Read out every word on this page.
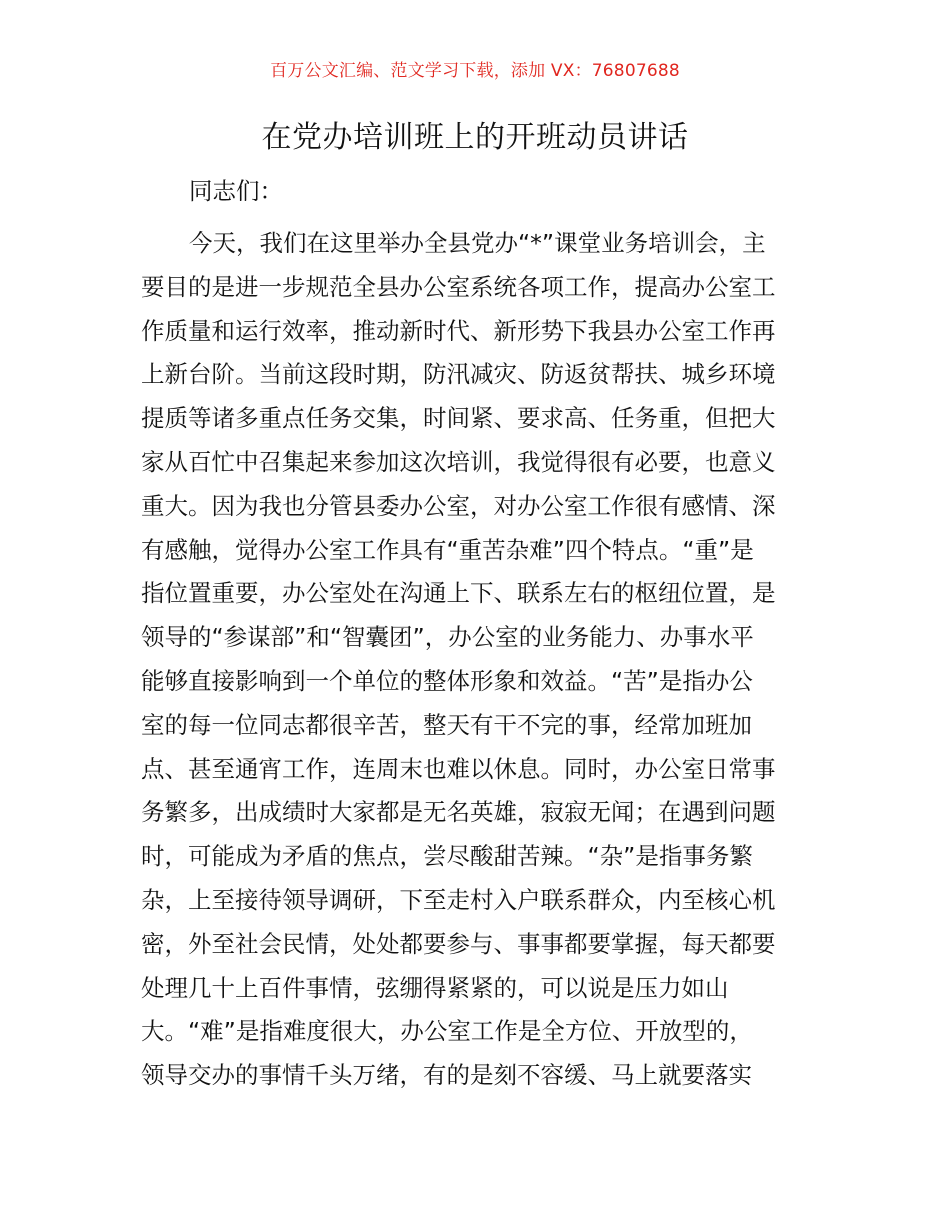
百万公文汇编、范文学习下载，添加 VX：76807688
在党办培训班上的开班动员讲话

同志们：

今天，我们在这里举办全县党办“*”课堂业务培训会，主
要目的是进一步规范全县办公室系统各项工作，提高办公室工
作质量和运行效率，推动新时代、新形势下我县办公室工作再
上新台阶。当前这段时期，防汛减灾、防返贫帮扶、城乡环境
提质等诸多重点任务交集，时间紧、要求高、任务重，但把大
家从百忙中召集起来参加这次培训，我觉得很有必要，也意义
重大。因为我也分管县委办公室，对办公室工作很有感情、深
有感触，觉得办公室工作具有“重苦杂难”四个特点。“重”是
指位置重要，办公室处在沟通上下、联系左右的枢纽位置，是
领导的“参谋部”和“智囊团”，办公室的业务能力、办事水平
能够直接影响到一个单位的整体形象和效益。“苦”是指办公
室的每一位同志都很辛苦，整天有干不完的事，经常加班加
点、甚至通宵工作，连周末也难以休息。同时，办公室日常事
务繁多，出成绩时大家都是无名英雄，寂寂无闻；在遇到问题
时，可能成为矛盾的焦点，尝尽酸甜苦辣。“杂”是指事务繁
杂，上至接待领导调研，下至走村入户联系群众，内至核心机
密，外至社会民情，处处都要参与、事事都要掌握，每天都要
处理几十上百件事情，弦绷得紧紧的，可以说是压力如山
大。“难”是指难度很大，办公室工作是全方位、开放型的，
领导交办的事情千头万绪，有的是刻不容缓、马上就要落实
